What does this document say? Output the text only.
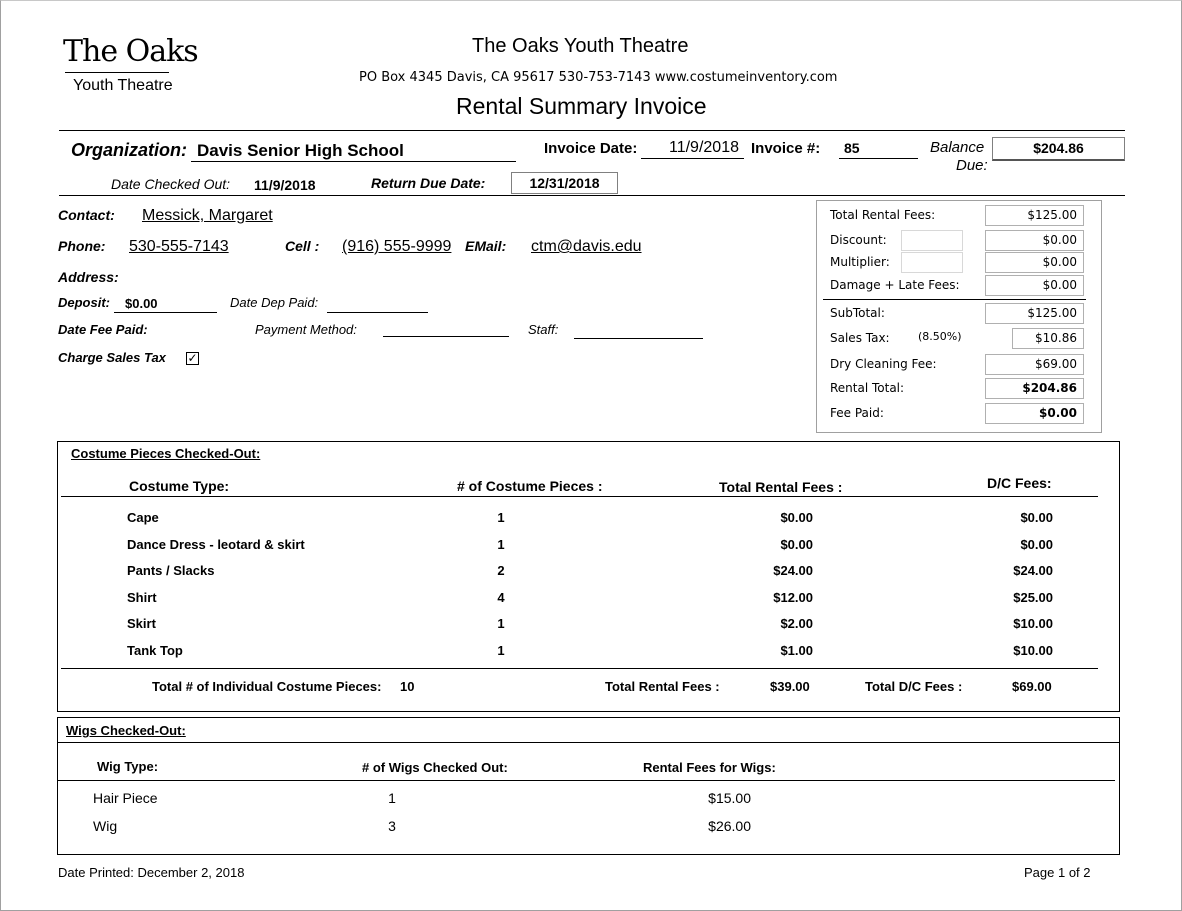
The Oaks
Youth Theatre
The Oaks Youth Theatre
PO Box 4345 Davis, CA 95617 530-753-7143 www.costumeinventory.com
Rental Summary Invoice
Organization: Davis Senior High School	Invoice Date: 11/9/2018 Invoice #: 85	Balance
Due:
$204.86
Date Checked Out: 11/9/2018	Return Due Date:	12/31/2018
Contact: Messick, Margaret
Phone: 530-555-7143	Cell : (916) 555-9999 EMail: ctm@davis.edu
Address:
Deposit: $0.00	Date Dep Paid:
Date Fee Paid:	Payment Method:	Staff:
Charge Sales Tax ✓
Total Rental Fees:	$125.00
Discount:	$0.00
Multiplier:	$0.00
Damage + Late Fees:	$0.00
SubTotal:	$125.00
Sales Tax:	(8.50%)	$10.86
Dry Cleaning Fee:	$69.00
Rental Total:	$204.86
Fee Paid:	$0.00
Costume Pieces Checked-Out:
Costume Type:	# of Costume Pieces :	Total Rental Fees :	D/C Fees:
Cape	1	$0.00	$0.00
Dance Dress - leotard & skirt	1	$0.00	$0.00
Pants / Slacks	2	$24.00	$24.00
Shirt	4	$12.00	$25.00
Skirt	1	$2.00	$10.00
Tank Top	1	$1.00	$10.00
Total # of Individual Costume Pieces: 10	Total Rental Fees :	$39.00	Total D/C Fees :	$69.00
Wigs Checked-Out:
Wig Type:	# of Wigs Checked Out:	Rental Fees for Wigs:
Hair Piece	1	$15.00
Wig	3	$26.00
Date Printed: December 2, 2018	Page 1 of 2
